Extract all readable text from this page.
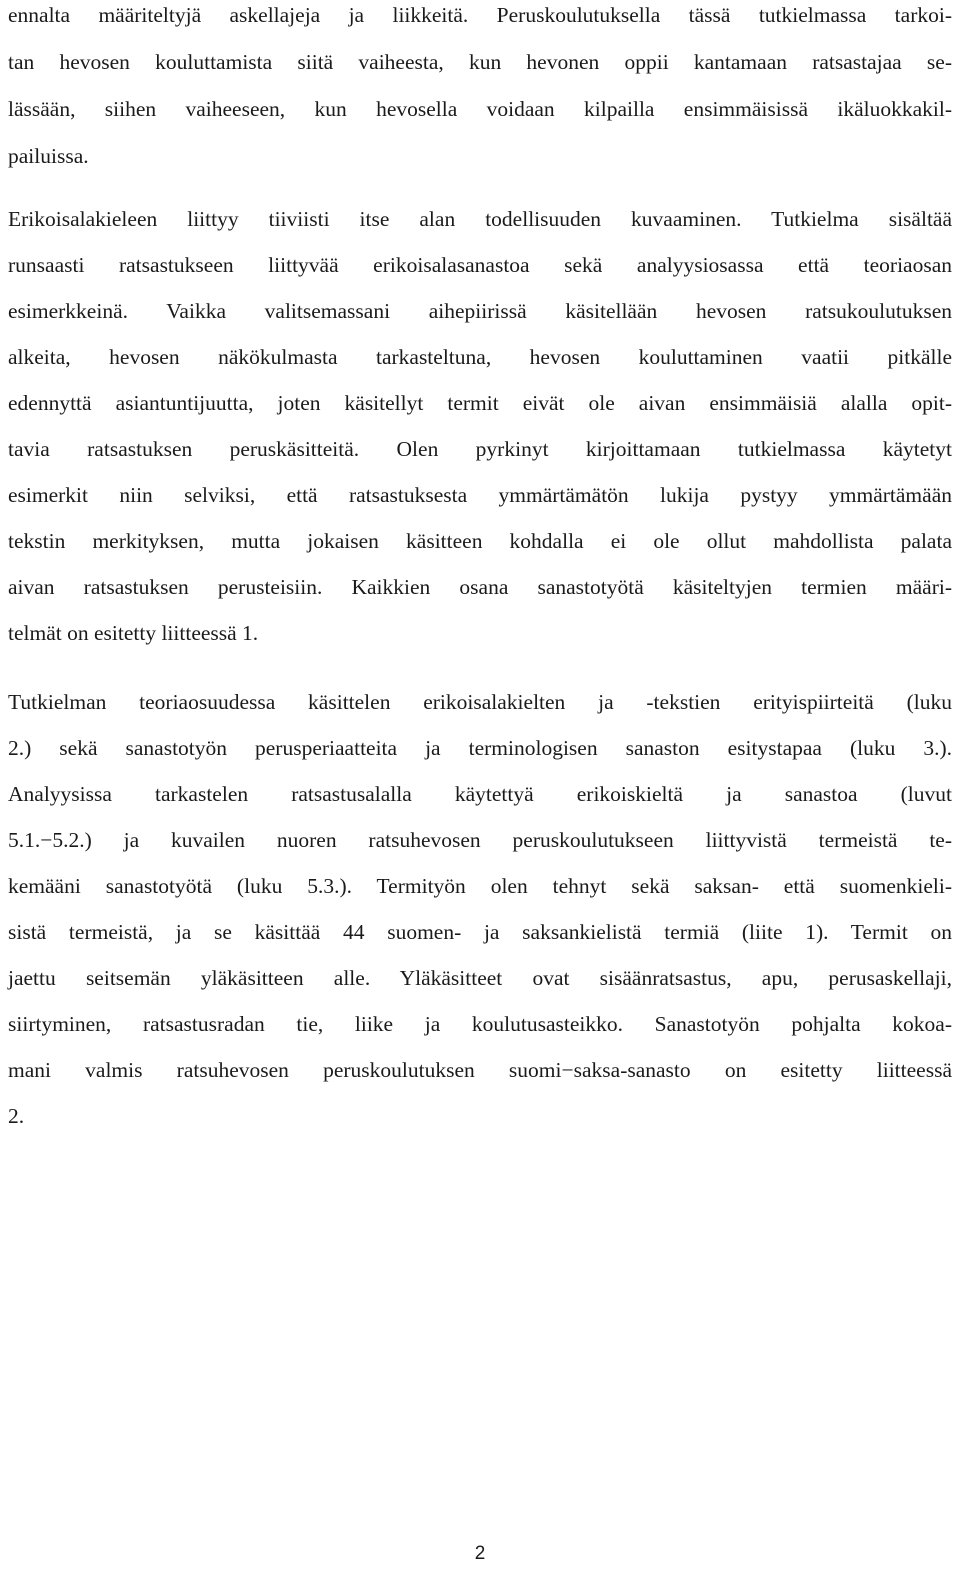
ennalta määriteltyjä askellajeja ja liikkeitä. Peruskoulutuksella tässä tutkielmassa tarkoi-
tan hevosen kouluttamista siitä vaiheesta, kun hevonen oppii kantamaan ratsastajaa se-
lässään, siihen vaiheeseen, kun hevosella voidaan kilpailla ensimmäisissä ikäluokkakil-
pailuissa.
Erikoisalakieleen liittyy tiiviisti itse alan todellisuuden kuvaaminen. Tutkielma sisältää
runsaasti ratsastukseen liittyvää erikoisalasanastoa sekä analyysiosassa että teoriaosan
esimerkkeinä. Vaikka valitsemassani aihepiirissä käsitellään hevosen ratsukoulutuksen
alkeita, hevosen näkökulmasta tarkasteltuna, hevosen kouluttaminen vaatii pitkälle
edennyttä asiantuntijuutta, joten käsitellyt termit eivät ole aivan ensimmäisiä alalla opit-
tavia ratsastuksen peruskäsitteitä. Olen pyrkinyt kirjoittamaan tutkielmassa käytetyt
esimerkit niin selviksi, että ratsastuksesta ymmärtämätön lukija pystyy ymmärtämään
tekstin merkityksen, mutta jokaisen käsitteen kohdalla ei ole ollut mahdollista palata
aivan ratsastuksen perusteisiin. Kaikkien osana sanastotyötä käsiteltyjen termien määri-
telmät on esitetty liitteessä 1.
Tutkielman teoriaosuudessa käsittelen erikoisalakielten ja -tekstien erityispiirteitä (luku
2.) sekä sanastotyön perusperiaatteita ja terminologisen sanaston esitystapaa (luku 3.).
Analyysissa tarkastelen ratsastusalalla käytettyä erikoiskieltä ja sanastoa (luvut
5.1.−5.2.) ja kuvailen nuoren ratsuhevosen peruskoulutukseen liittyvistä termeistä te-
kemääni sanastotyötä (luku 5.3.). Termityön olen tehnyt sekä saksan- että suomenkieli-
sistä termeistä, ja se käsittää 44 suomen- ja saksankielistä termiä (liite 1). Termit on
jaettu seitsemän yläkäsitteen alle. Yläkäsitteet ovat sisäänratsastus, apu, perusaskellaji,
siirtyminen, ratsastusradan tie, liike ja koulutusasteikko. Sanastotyön pohjalta kokoa-
mani valmis ratsuhevosen peruskoulutuksen suomi−saksa-sanasto on esitetty liitteessä
2.
2
